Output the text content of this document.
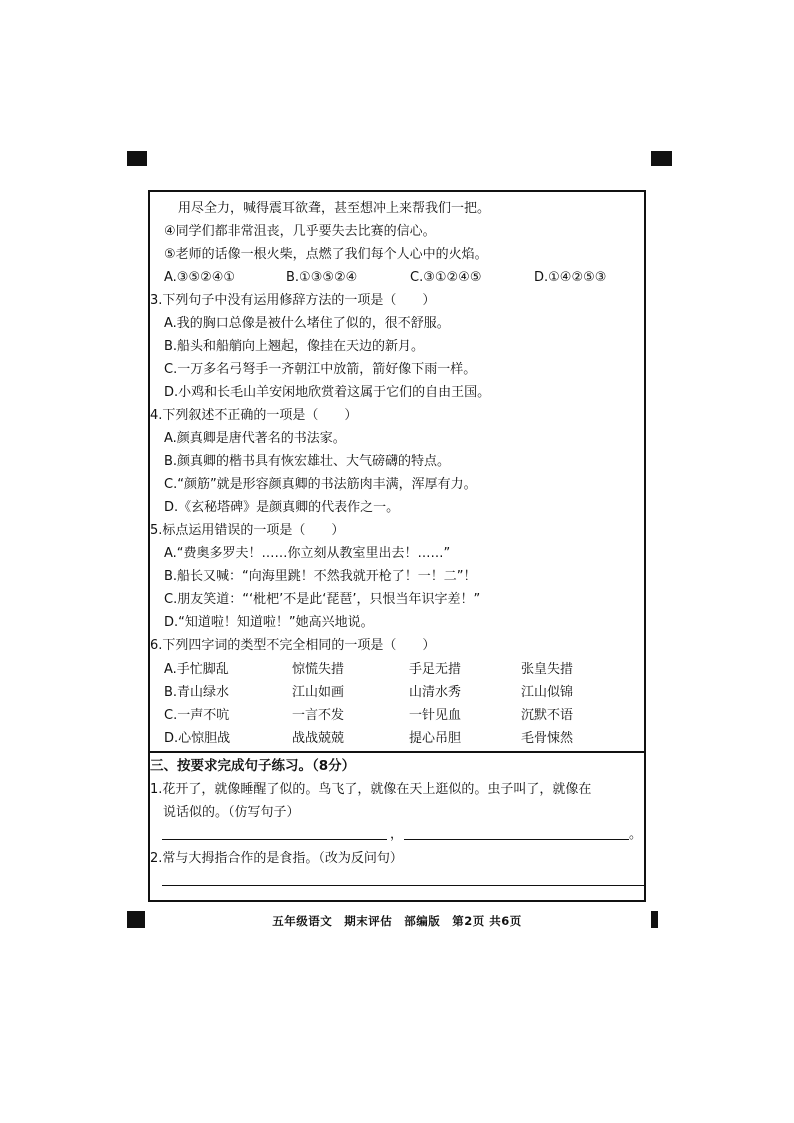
用尽全力，喊得震耳欲聋，甚至想冲上来帮我们一把。
④同学们都非常沮丧，几乎要失去比赛的信心。
⑤老师的话像一根火柴，点燃了我们每个人心中的火焰。
A.③⑤②④①	B.①③⑤②④	C.③①②④⑤	D.①④②⑤③
3.下列句子中没有运用修辞方法的一项是（　　）
A.我的胸口总像是被什么堵住了似的，很不舒服。
B.船头和船艄向上翘起，像挂在天边的新月。
C.一万多名弓弩手一齐朝江中放箭，箭好像下雨一样。
D.小鸡和长毛山羊安闲地欣赏着这属于它们的自由王国。
4.下列叙述不正确的一项是（　　）
A.颜真卿是唐代著名的书法家。
B.颜真卿的楷书具有恢宏雄壮、大气磅礴的特点。
C.“颜筋”就是形容颜真卿的书法筋肉丰满，浑厚有力。
D.《玄秘塔碑》是颜真卿的代表作之一。
5.标点运用错误的一项是（　　）
A.“费奥多罗夫！……你立刻从教室里出去！……”
B.船长又喊：“向海里跳！不然我就开枪了！一！二”！
C.朋友笑道：“‘枇杷’不是此‘琵琶’，只恨当年识字差！”
D.“知道啦！知道啦！”她高兴地说。
6.下列四字词的类型不完全相同的一项是（　　）
A.手忙脚乱	惊慌失措	手足无措	张皇失措
B.青山绿水	江山如画	山清水秀	江山似锦
C.一声不吭	一言不发	一针见血	沉默不语
D.心惊胆战	战战兢兢	提心吊胆	毛骨悚然
三、按要求完成句子练习。（8分）
1.花开了，就像睡醒了似的。鸟飞了，就像在天上逛似的。虫子叫了，就像在
说话似的。（仿写句子）
，	。
2.常与大拇指合作的是食指。（改为反问句）
五年级语文　期末评估　部编版　第2页 共6页
